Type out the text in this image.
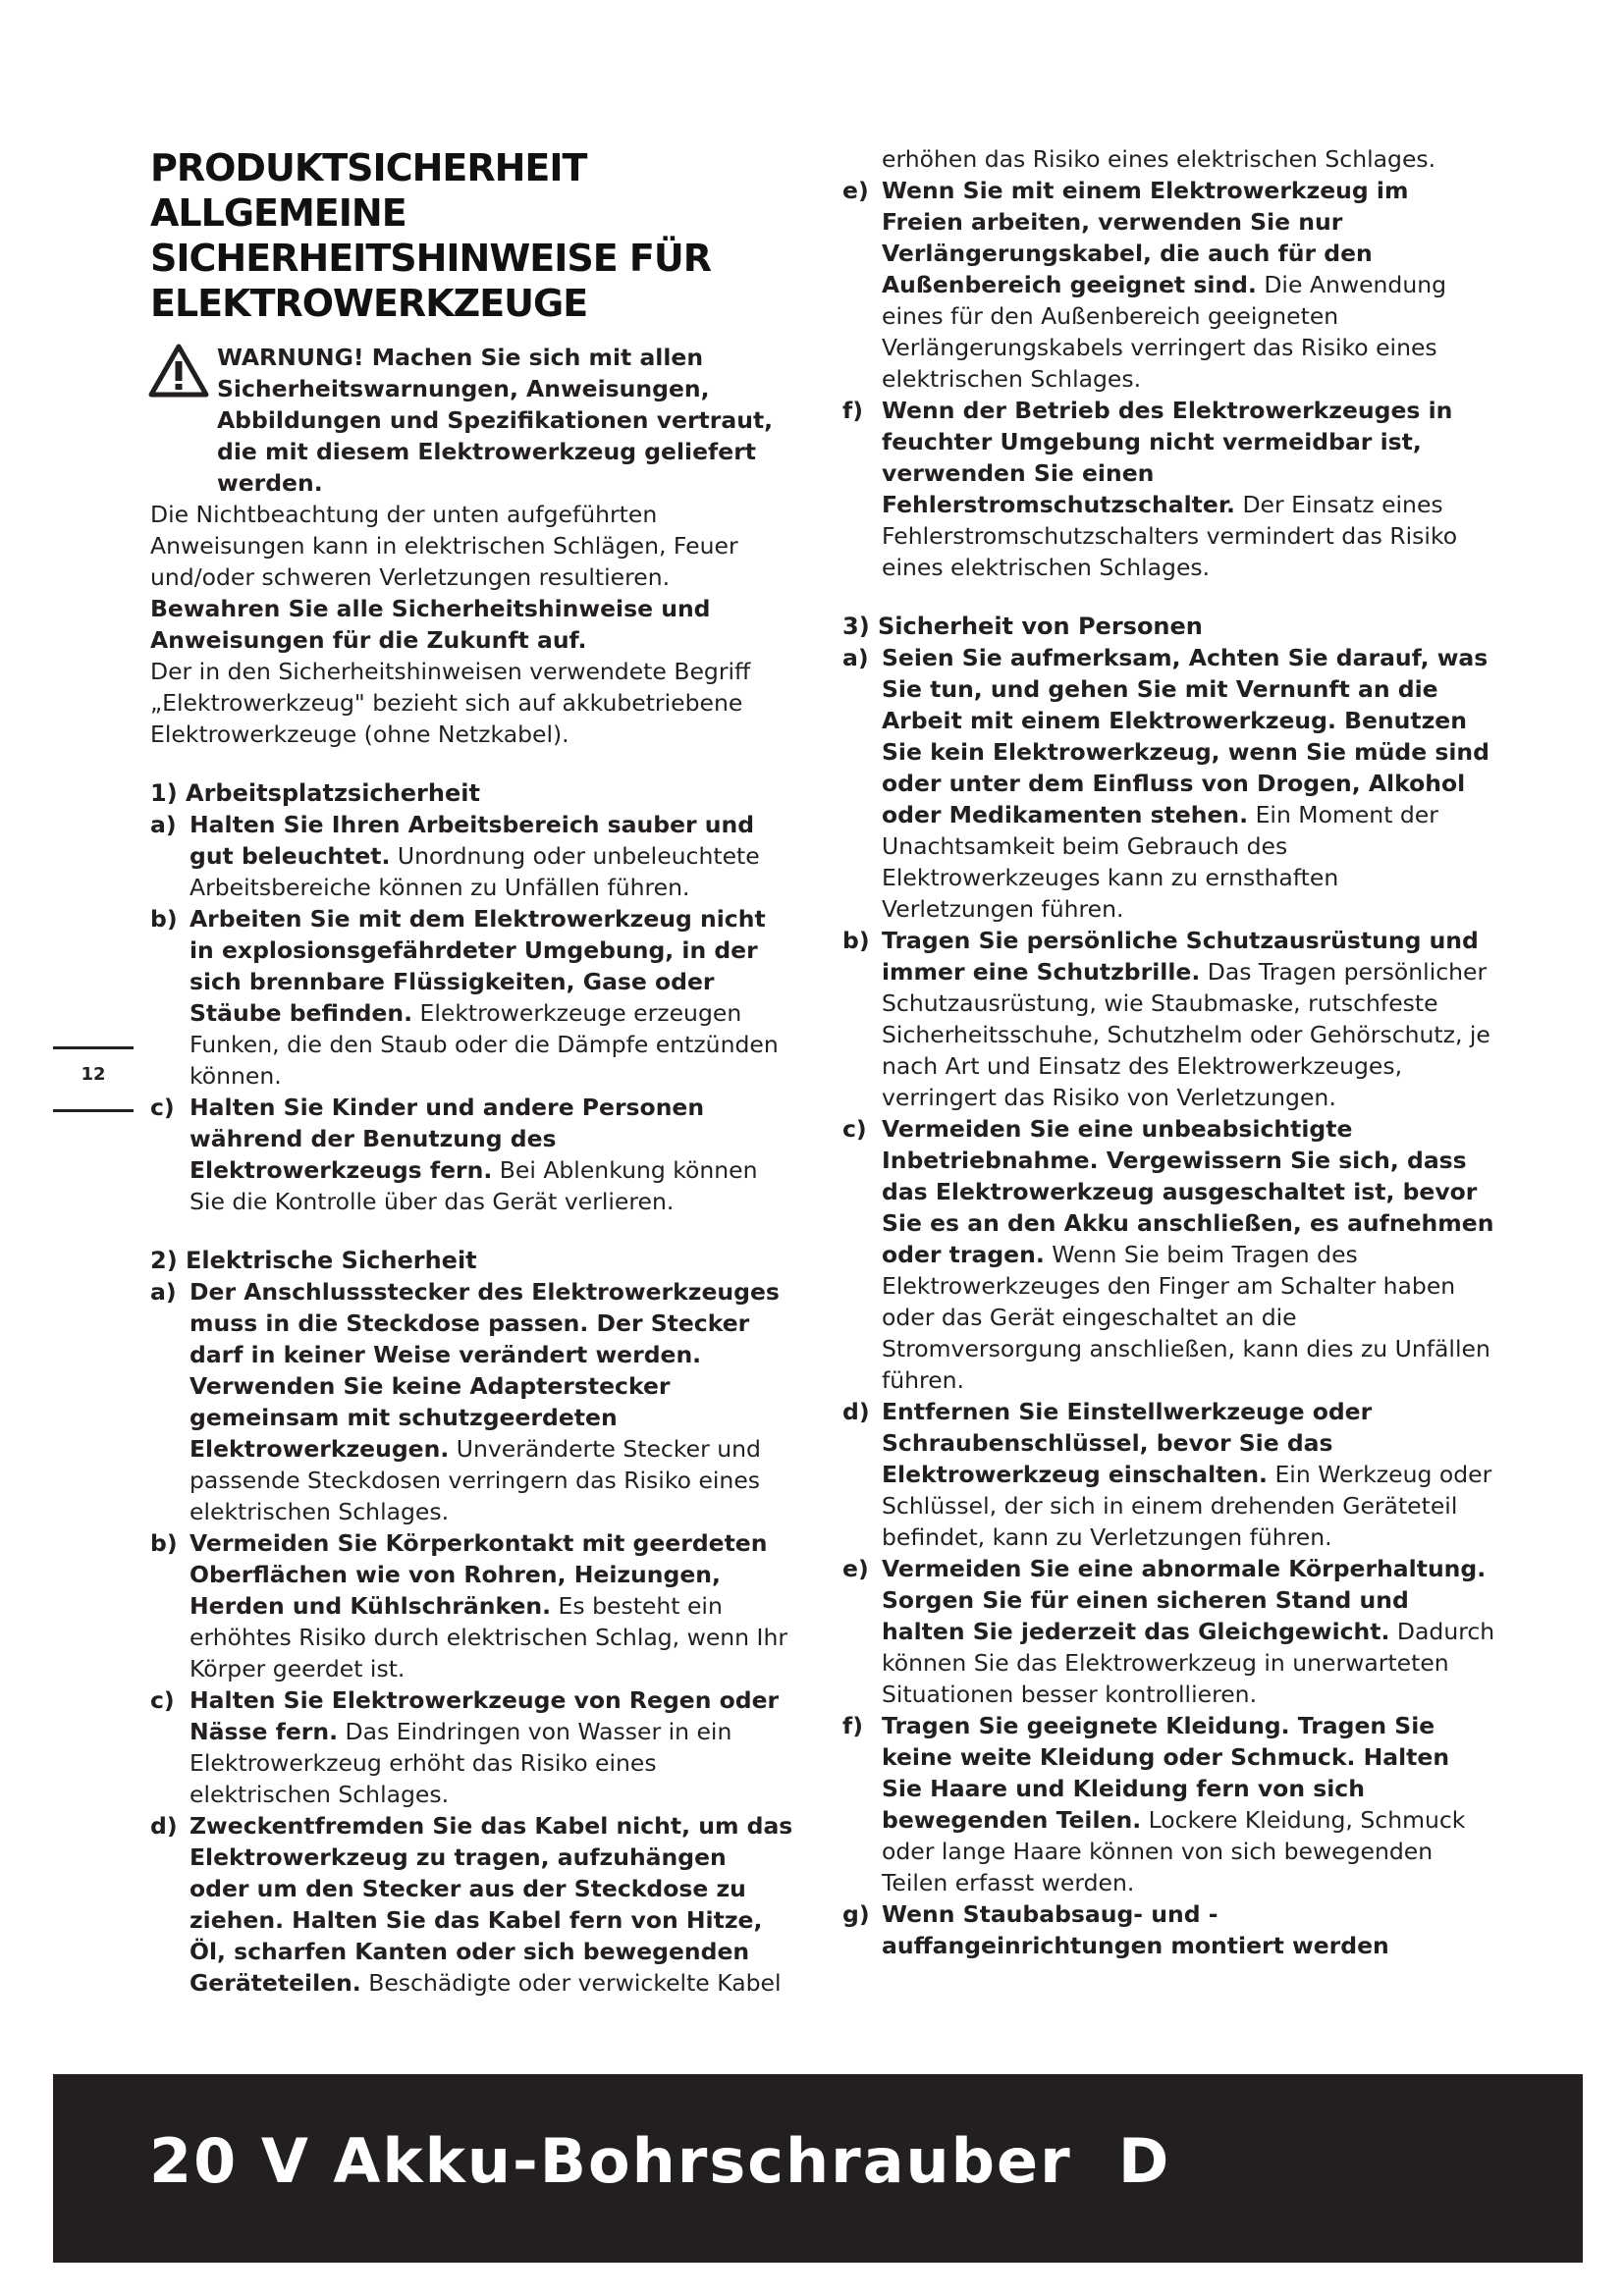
PRODUKTSICHERHEIT
ALLGEMEINE
SICHERHEITSHINWEISE FÜR
ELEKTROWERKZEUGE

WARNUNG! Machen Sie sich mit allen Sicherheitswarnungen, Anweisungen, Abbildungen und Spezifikationen vertraut, die mit diesem Elektrowerkzeug geliefert werden.

Die Nichtbeachtung der unten aufgeführten Anweisungen kann in elektrischen Schlägen, Feuer und/oder schweren Verletzungen resultieren.

Bewahren Sie alle Sicherheitshinweise und Anweisungen für die Zukunft auf.

Der in den Sicherheitshinweisen verwendete Begriff „Elektrowerkzeug" bezieht sich auf akkubetriebene Elektrowerkzeuge (ohne Netzkabel).

1) Arbeitsplatzsicherheit
a) Halten Sie Ihren Arbeitsbereich sauber und gut beleuchtet. Unordnung oder unbeleuchtete Arbeitsbereiche können zu Unfällen führen.
b) Arbeiten Sie mit dem Elektrowerkzeug nicht in explosionsgefährdeter Umgebung, in der sich brennbare Flüssigkeiten, Gase oder Stäube befinden. Elektrowerkzeuge erzeugen Funken, die den Staub oder die Dämpfe entzünden können.
c) Halten Sie Kinder und andere Personen während der Benutzung des Elektrowerkzeugs fern. Bei Ablenkung können Sie die Kontrolle über das Gerät verlieren.
2) Elektrische Sicherheit
a) Der Anschlussstecker des Elektrowerkzeuges muss in die Steckdose passen. Der Stecker darf in keiner Weise verändert werden. Verwenden Sie keine Adapterstecker gemeinsam mit schutzgeerdeten Elektrowerkzeugen. Unveränderte Stecker und passende Steckdosen verringern das Risiko eines elektrischen Schlages.
b) Vermeiden Sie Körperkontakt mit geerdeten Oberflächen wie von Rohren, Heizungen, Herden und Kühlschränken. Es besteht ein erhöhtes Risiko durch elektrischen Schlag, wenn Ihr Körper geerdet ist.
c) Halten Sie Elektrowerkzeuge von Regen oder Nässe fern. Das Eindringen von Wasser in ein Elektrowerkzeug erhöht das Risiko eines elektrischen Schlages.
d) Zweckentfremden Sie das Kabel nicht, um das Elektrowerkzeug zu tragen, aufzuhängen oder um den Stecker aus der Steckdose zu ziehen. Halten Sie das Kabel fern von Hitze, Öl, scharfen Kanten oder sich bewegenden Geräteteilen. Beschädigte oder verwickelte Kabel
erhöhen das Risiko eines elektrischen Schlages.
e) Wenn Sie mit einem Elektrowerkzeug im Freien arbeiten, verwenden Sie nur Verlängerungskabel, die auch für den Außenbereich geeignet sind. Die Anwendung eines für den Außenbereich geeigneten Verlängerungskabels verringert das Risiko eines elektrischen Schlages.
f) Wenn der Betrieb des Elektrowerkzeuges in feuchter Umgebung nicht vermeidbar ist, verwenden Sie einen Fehlerstromschutzschalter. Der Einsatz eines Fehlerstromschutzschalters vermindert das Risiko eines elektrischen Schlages.
3) Sicherheit von Personen
a) Seien Sie aufmerksam, Achten Sie darauf, was Sie tun, und gehen Sie mit Vernunft an die Arbeit mit einem Elektrowerkzeug. Benutzen Sie kein Elektrowerkzeug, wenn Sie müde sind oder unter dem Einfluss von Drogen, Alkohol oder Medikamenten stehen. Ein Moment der Unachtsamkeit beim Gebrauch des Elektrowerkzeuges kann zu ernsthaften Verletzungen führen.
b) Tragen Sie persönliche Schutzausrüstung und immer eine Schutzbrille. Das Tragen persönlicher Schutzausrüstung, wie Staubmaske, rutschfeste Sicherheitsschuhe, Schutzhelm oder Gehörschutz, je nach Art und Einsatz des Elektrowerkzeuges, verringert das Risiko von Verletzungen.
c) Vermeiden Sie eine unbeabsichtigte Inbetriebnahme. Vergewissern Sie sich, dass das Elektrowerkzeug ausgeschaltet ist, bevor Sie es an den Akku anschließen, es aufnehmen oder tragen. Wenn Sie beim Tragen des Elektrowerkzeuges den Finger am Schalter haben oder das Gerät eingeschaltet an die Stromversorgung anschließen, kann dies zu Unfällen führen.
d) Entfernen Sie Einstellwerkzeuge oder Schraubenschlüssel, bevor Sie das Elektrowerkzeug einschalten. Ein Werkzeug oder Schlüssel, der sich in einem drehenden Geräteteil befindet, kann zu Verletzungen führen.
e) Vermeiden Sie eine abnormale Körperhaltung. Sorgen Sie für einen sicheren Stand und halten Sie jederzeit das Gleichgewicht. Dadurch können Sie das Elektrowerkzeug in unerwarteten Situationen besser kontrollieren.
f) Tragen Sie geeignete Kleidung. Tragen Sie keine weite Kleidung oder Schmuck. Halten Sie Haare und Kleidung fern von sich bewegenden Teilen. Lockere Kleidung, Schmuck oder lange Haare können von sich bewegenden Teilen erfasst werden.
g) Wenn Staubabsaug- und -auffangeinrichtungen montiert werden
12
20 V Akku-Bohrschrauber  D
